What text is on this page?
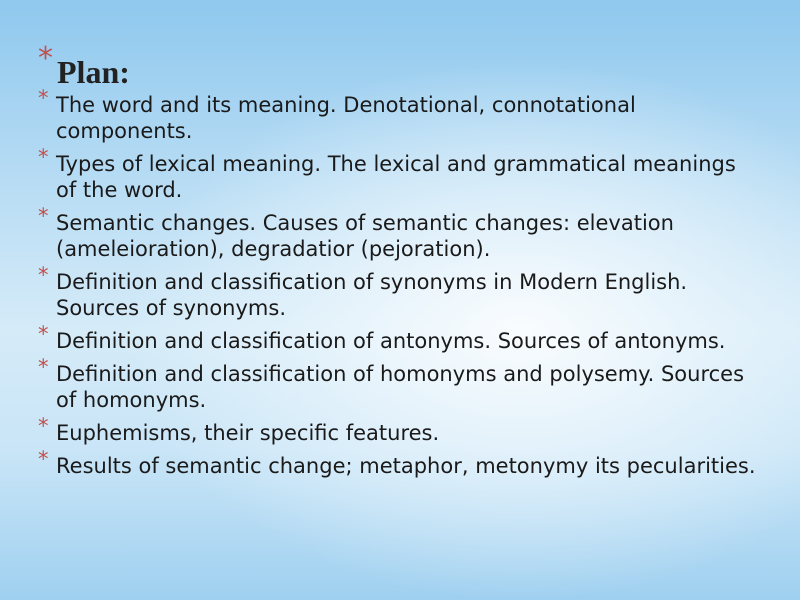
* Plan:
* The word and its meaning. Denotational, connotational components.
* Types of lexical meaning. The lexical and grammatical meanings of the word.
* Semantic changes. Causes of semantic changes: elevation (ameleioration), degradatior (pejoration).
* Definition and classification of synonyms in Modern English. Sources of synonyms.
* Definition and classification of antonyms. Sources of antonyms.
* Definition and classification of homonyms and polysemy. Sources of homonyms.
* Euphemisms, their specific features.
* Results of semantic change; metaphor, metonymy its pecularities.
